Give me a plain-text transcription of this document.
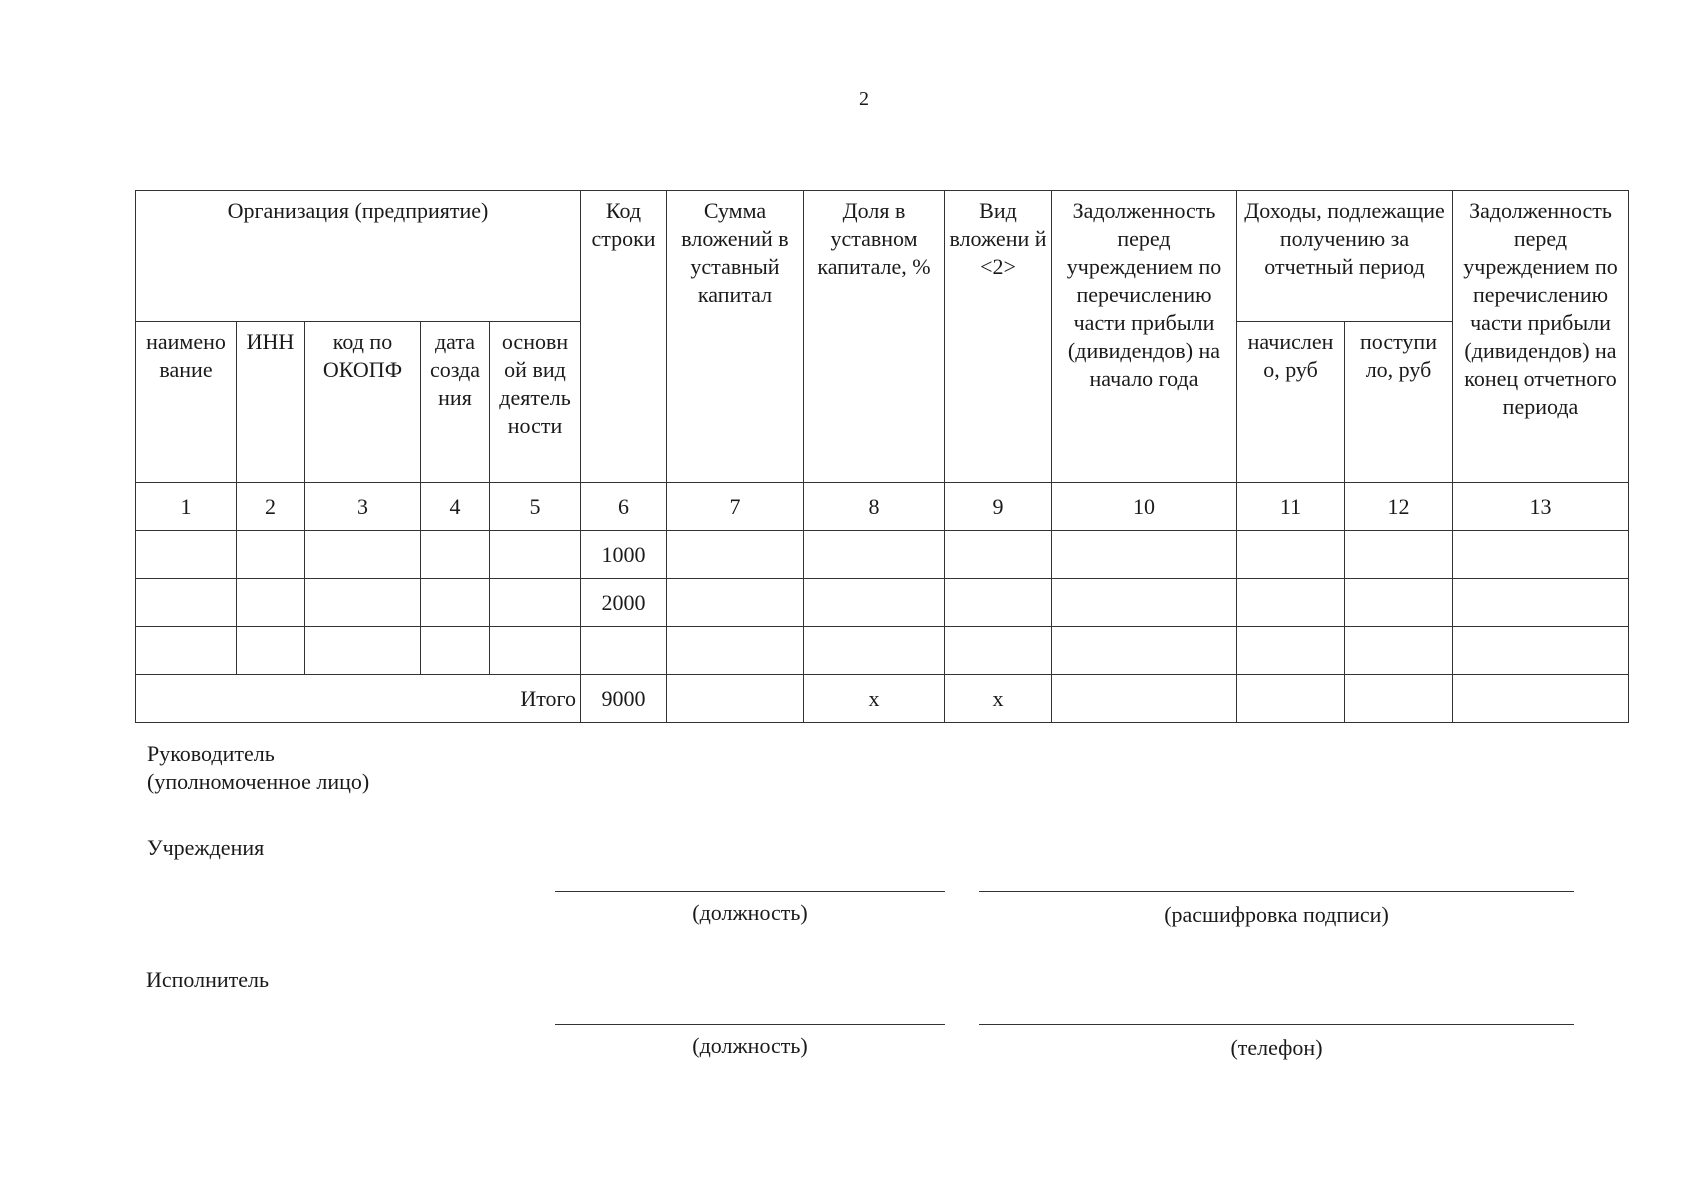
2
Организация (предприятие)					Код строки	Сумма вложений в уставный капитал	Доля в уставном капитале, %	Вид вложени й <2>	Задолженность перед учреждением по перечислению части прибыли (дивидендов) на начало года	Доходы, подлежащие получению за отчетный период		Задолженность перед учреждением по перечислению части прибыли (дивидендов) на конец отчетного периода
наимено вание	ИНН	код по ОКОПФ	дата созда ния	основн ой вид деятель ности						начислен о, руб	поступи ло, руб	
1	2	3	4	5	6	7	8	9	10	11	12	13
					1000							
					2000							

Итого					9000		x	x				
Руководитель
(уполномоченное лицо)
Учреждения
(должность)	(расшифровка подписи)
Исполнитель
(должность)	(телефон)
